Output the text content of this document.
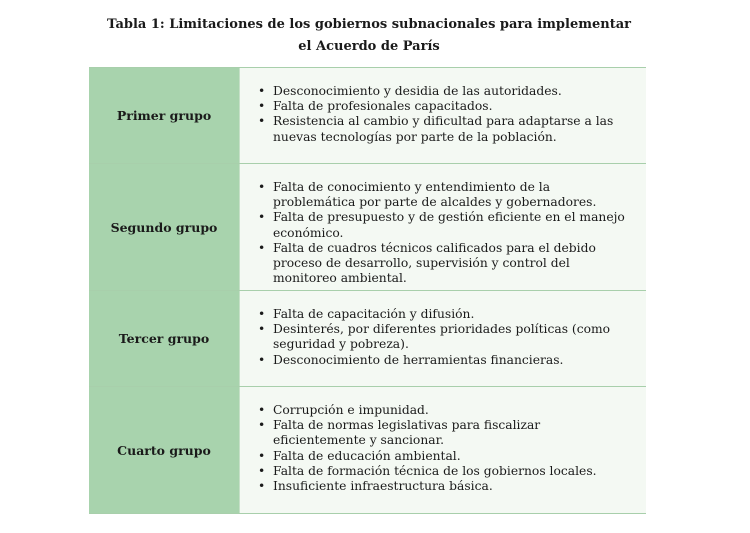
Tabla 1: Limitaciones de los gobiernos subnacionales para implementar
el Acuerdo de París
Primer grupo
• Desconocimiento y desidia de las autoridades.
• Falta de profesionales capacitados.
• Resistencia al cambio y dificultad para adaptarse a las nuevas tecnologías por parte de la población.
Segundo grupo
• Falta de conocimiento y entendimiento de la problemática por parte de alcaldes y gobernadores.
• Falta de presupuesto y de gestión eficiente en el manejo económico.
• Falta de cuadros técnicos calificados para el debido proceso de desarrollo, supervisión y control del monitoreo ambiental.
Tercer grupo
• Falta de capacitación y difusión.
• Desinterés, por diferentes prioridades políticas (como seguridad y pobreza).
• Desconocimiento de herramientas financieras.
Cuarto grupo
• Corrupción e impunidad.
• Falta de normas legislativas para fiscalizar eficientemente y sancionar.
• Falta de educación ambiental.
• Falta de formación técnica de los gobiernos locales.
• Insuficiente infraestructura básica.
